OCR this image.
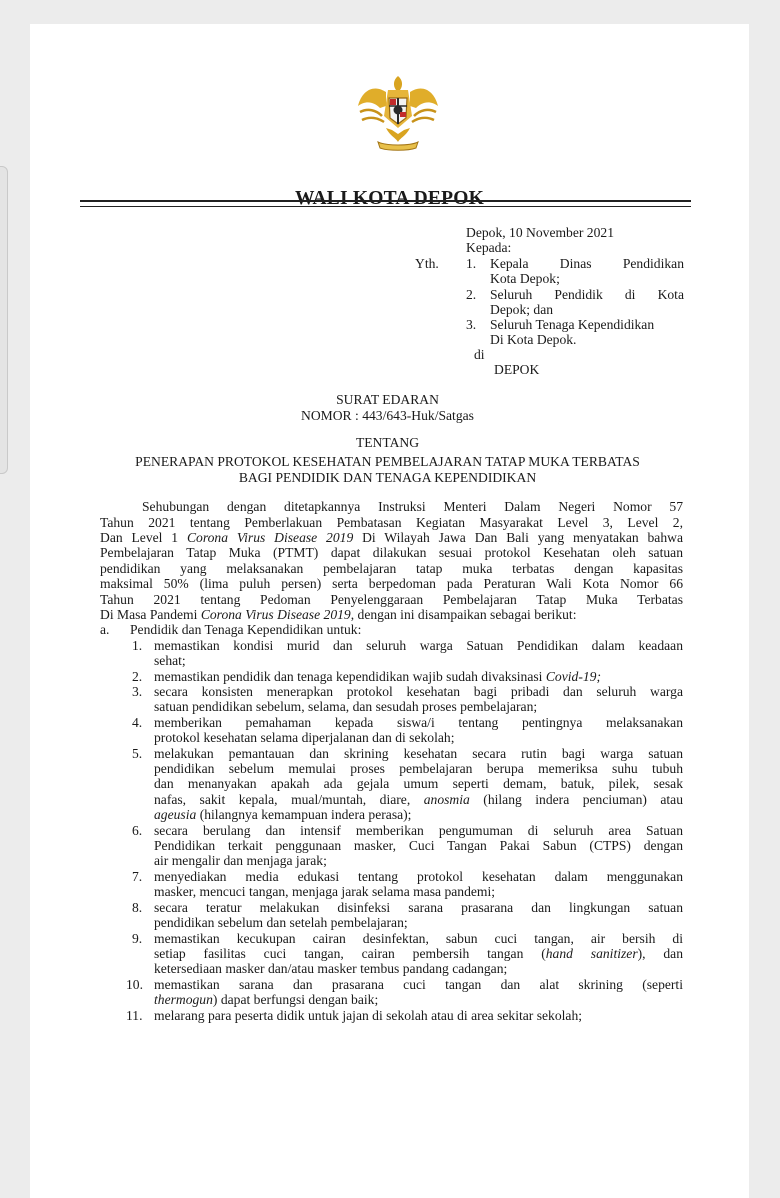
WALI KOTA DEPOK
Depok, 10 November 2021
Kepada:
Yth. 1. Kepala Dinas Pendidikan
Kota Depok;
2. Seluruh Pendidik di Kota
Depok; dan
3. Seluruh Tenaga Kependidikan
Di Kota Depok.
di
DEPOK
SURAT EDARAN
NOMOR : 443/643-Huk/Satgas
TENTANG
PENERAPAN PROTOKOL KESEHATAN PEMBELAJARAN TATAP MUKA TERBATAS
BAGI PENDIDIK DAN TENAGA KEPENDIDIKAN
Sehubungan dengan ditetapkannya Instruksi Menteri Dalam Negeri Nomor 57
Tahun 2021 tentang Pemberlakuan Pembatasan Kegiatan Masyarakat Level 3, Level 2,
Dan Level 1 Corona Virus Disease 2019 Di Wilayah Jawa Dan Bali yang menyatakan bahwa
Pembelajaran Tatap Muka (PTMT) dapat dilakukan sesuai protokol Kesehatan oleh satuan
pendidikan yang melaksanakan pembelajaran tatap muka terbatas dengan kapasitas
maksimal 50% (lima puluh persen) serta berpedoman pada Peraturan Wali Kota Nomor 66
Tahun 2021 tentang Pedoman Penyelenggaraan Pembelajaran Tatap Muka Terbatas
Di Masa Pandemi Corona Virus Disease 2019, dengan ini disampaikan sebagai berikut:
a. Pendidik dan Tenaga Kependidikan untuk:
1. memastikan kondisi murid dan seluruh warga Satuan Pendidikan dalam keadaan
sehat;
2. memastikan pendidik dan tenaga kependidikan wajib sudah divaksinasi Covid-19;
3. secara konsisten menerapkan protokol kesehatan bagi pribadi dan seluruh warga
satuan pendidikan sebelum, selama, dan sesudah proses pembelajaran;
4. memberikan pemahaman kepada siswa/i tentang pentingnya melaksanakan
protokol kesehatan selama diperjalanan dan di sekolah;
5. melakukan pemantauan dan skrining kesehatan secara rutin bagi warga satuan
pendidikan sebelum memulai proses pembelajaran berupa memeriksa suhu tubuh
dan menanyakan apakah ada gejala umum seperti demam, batuk, pilek, sesak
nafas, sakit kepala, mual/muntah, diare, anosmia (hilang indera penciuman) atau
ageusia (hilangnya kemampuan indera perasa);
6. secara berulang dan intensif memberikan pengumuman di seluruh area Satuan
Pendidikan terkait penggunaan masker, Cuci Tangan Pakai Sabun (CTPS) dengan
air mengalir dan menjaga jarak;
7. menyediakan media edukasi tentang protokol kesehatan dalam menggunakan
masker, mencuci tangan, menjaga jarak selama masa pandemi;
8. secara teratur melakukan disinfeksi sarana prasarana dan lingkungan satuan
pendidikan sebelum dan setelah pembelajaran;
9. memastikan kecukupan cairan desinfektan, sabun cuci tangan, air bersih di
setiap fasilitas cuci tangan, cairan pembersih tangan (hand sanitizer), dan
ketersediaan masker dan/atau masker tembus pandang cadangan;
10. memastikan sarana dan prasarana cuci tangan dan alat skrining (seperti
thermogun) dapat berfungsi dengan baik;
11. melarang para peserta didik untuk jajan di sekolah atau di area sekitar sekolah;
